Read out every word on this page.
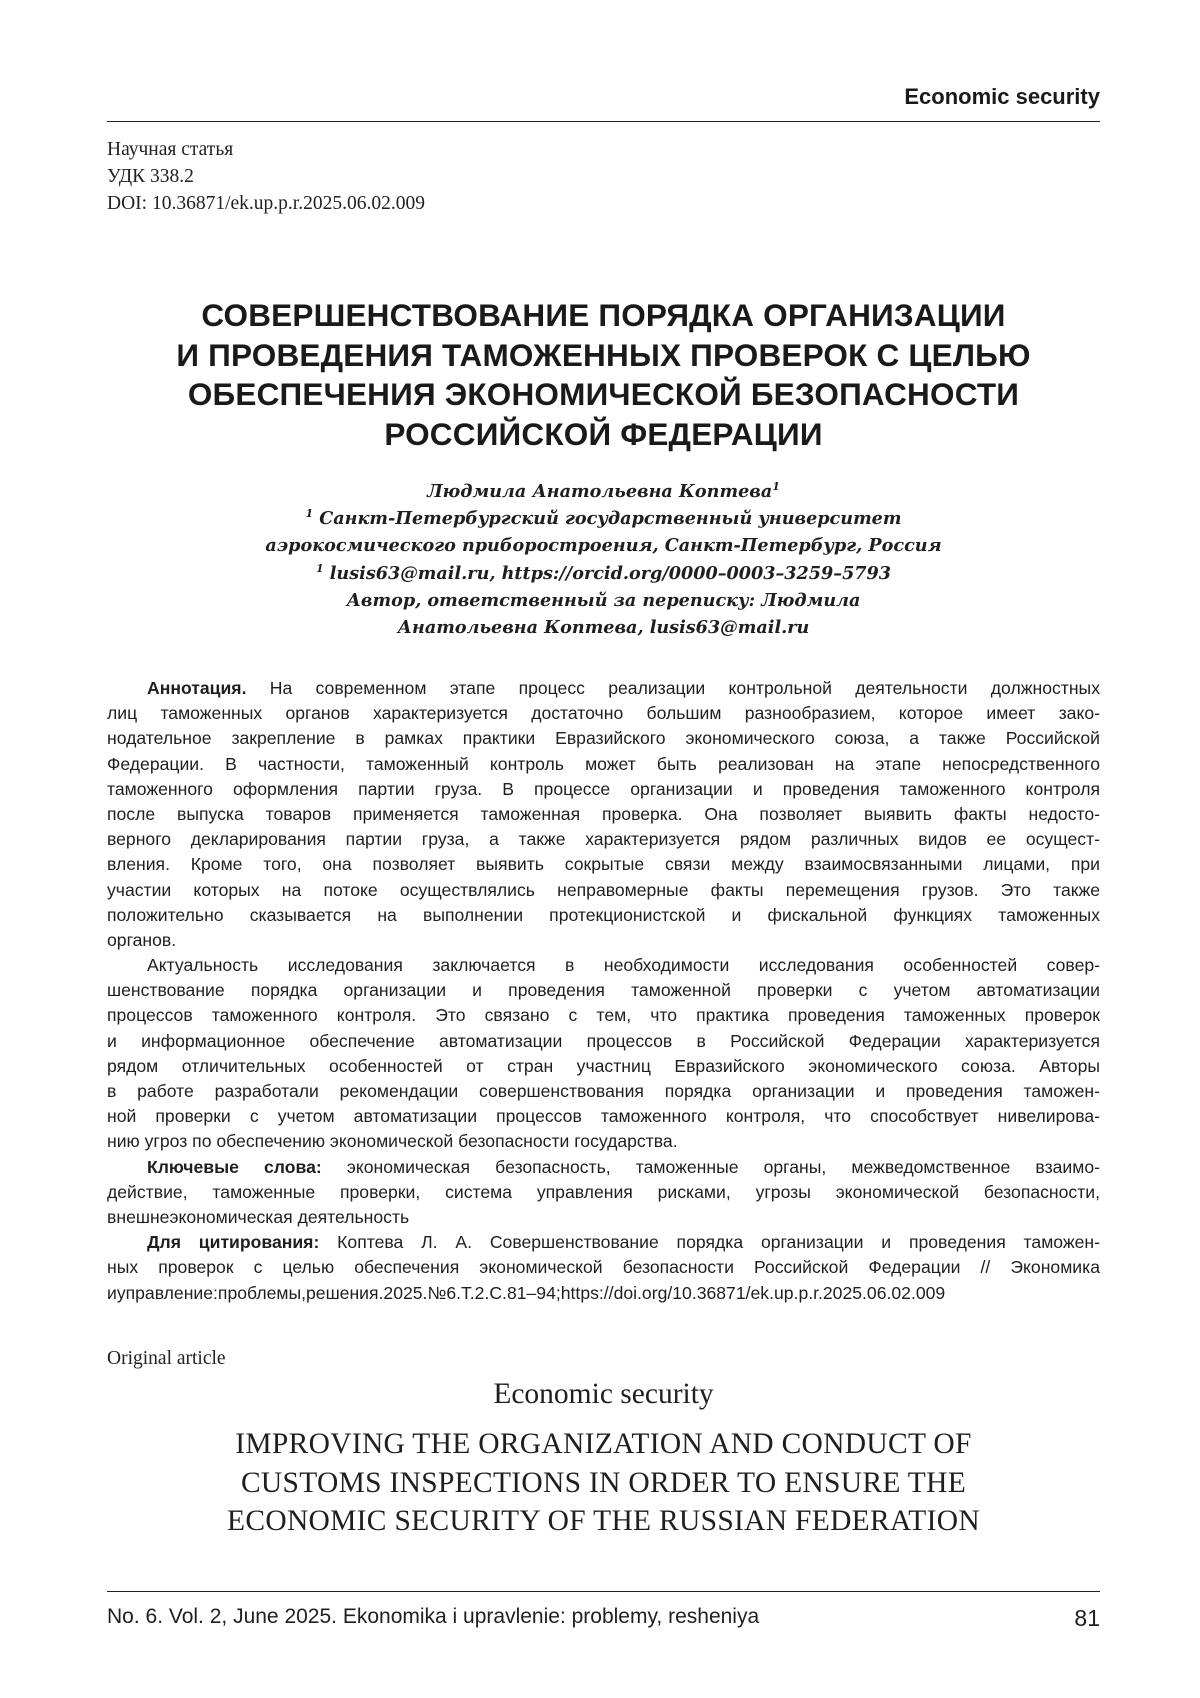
Economic security
Научная статья
УДК 338.2
DOI: 10.36871/ek.up.p.r.2025.06.02.009
СОВЕРШЕНСТВОВАНИЕ ПОРЯДКА ОРГАНИЗАЦИИ
И ПРОВЕДЕНИЯ ТАМОЖЕННЫХ ПРОВЕРОК С ЦЕЛЬЮ
ОБЕСПЕЧЕНИЯ ЭКОНОМИЧЕСКОЙ БЕЗОПАСНОСТИ
РОССИЙСКОЙ ФЕДЕРАЦИИ
Людмила Анатольевна Коптева1
1 Санкт-Петербургский государственный университет
аэрокосмического приборостроения, Санкт-Петербург, Россия
1 lusis63@mail.ru, https://orcid.org/0000–0003–3259–5793
Автор, ответственный за переписку: Людмила
Анатольевна Коптева, lusis63@mail.ru
Аннотация. На современном этапе процесс реализации контрольной деятельности должностных
лиц таможенных органов характеризуется достаточно большим разнообразием, которое имеет зако-
нодательное закрепление в рамках практики Евразийского экономического союза, а также Российской
Федерации. В частности, таможенный контроль может быть реализован на этапе непосредственного
таможенного оформления партии груза. В процессе организации и проведения таможенного контроля
после выпуска товаров применяется таможенная проверка. Она позволяет выявить факты недосто-
верного декларирования партии груза, а также характеризуется рядом различных видов ее осущест-
вления. Кроме того, она позволяет выявить сокрытые связи между взаимосвязанными лицами, при
участии которых на потоке осуществлялись неправомерные факты перемещения грузов. Это также
положительно сказывается на выполнении протекционистской и фискальной функциях таможенных
органов.
Актуальность исследования заключается в необходимости исследования особенностей совер-
шенствование порядка организации и проведения таможенной проверки с учетом автоматизации
процессов таможенного контроля. Это связано с тем, что практика проведения таможенных проверок
и информационное обеспечение автоматизации процессов в Российской Федерации характеризуется
рядом отличительных особенностей от стран участниц Евразийского экономического союза. Авторы
в работе разработали рекомендации совершенствования порядка организации и проведения таможен-
ной проверки с учетом автоматизации процессов таможенного контроля, что способствует нивелирова-
нию угроз по обеспечению экономической безопасности государства.
Ключевые слова: экономическая безопасность, таможенные органы, межведомственное взаимо-
действие, таможенные проверки, система управления рисками, угрозы экономической безопасности,
внешнеэкономическая деятельность
Для цитирования: Коптева Л. А. Совершенствование порядка организации и проведения таможен-
ных проверок с целью обеспечения экономической безопасности Российской Федерации // Экономика
иуправление:проблемы,решения.2025.№6.Т.2.С.81–94;https://doi.org/10.36871/ek.up.p.r.2025.06.02.009
Original article
Economic security
IMPROVING THE ORGANIZATION AND CONDUCT OF
CUSTOMS INSPECTIONS IN ORDER TO ENSURE THE
ECONOMIC SECURITY OF THE RUSSIAN FEDERATION
No. 6. Vol. 2, June 2025. Ekonomika i upravlenie: problemy, resheniya	81
